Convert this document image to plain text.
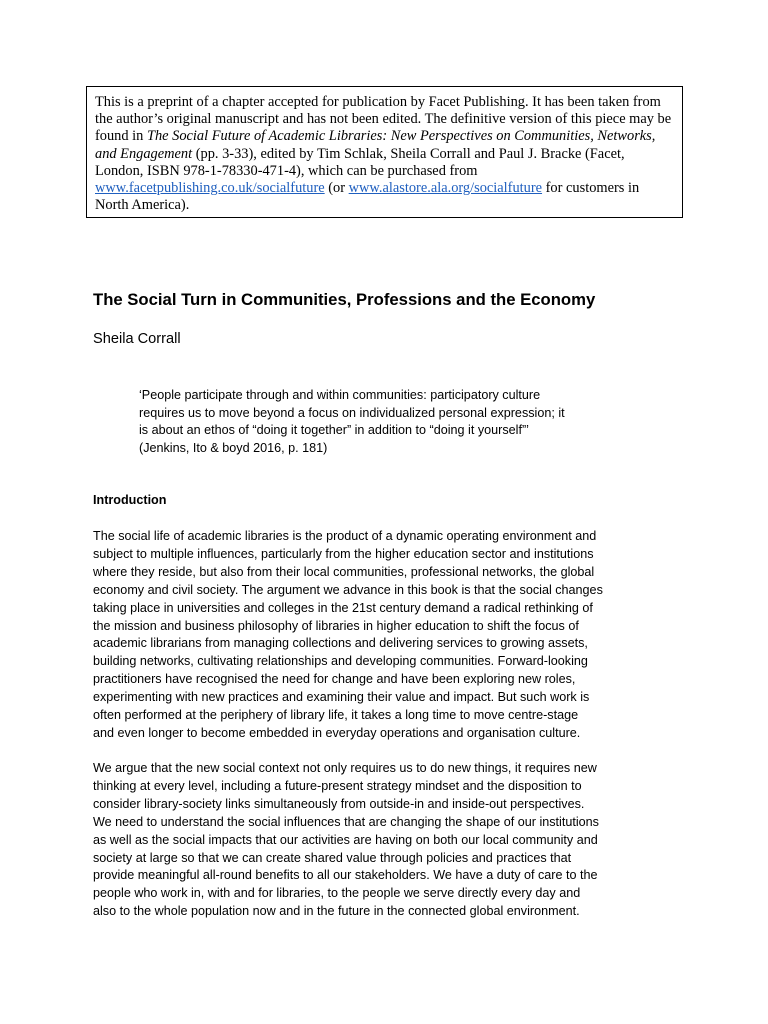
This is a preprint of a chapter accepted for publication by Facet Publishing. It has been taken from the author’s original manuscript and has not been edited. The definitive version of this piece may be found in The Social Future of Academic Libraries: New Perspectives on Communities, Networks, and Engagement (pp. 3-33), edited by Tim Schlak, Sheila Corrall and Paul J. Bracke (Facet, London, ISBN 978-1-78330-471-4), which can be purchased from www.facetpublishing.co.uk/socialfuture (or www.alastore.ala.org/socialfuture for customers in North America).
The Social Turn in Communities, Professions and the Economy

Sheila Corrall

‘People participate through and within communities: participatory culture
requires us to move beyond a focus on individualized personal expression; it
is about an ethos of “doing it together” in addition to “doing it yourself”’
(Jenkins, Ito & boyd 2016, p. 181)
Introduction
The social life of academic libraries is the product of a dynamic operating environment and
subject to multiple influences, particularly from the higher education sector and institutions
where they reside, but also from their local communities, professional networks, the global
economy and civil society. The argument we advance in this book is that the social changes
taking place in universities and colleges in the 21st century demand a radical rethinking of
the mission and business philosophy of libraries in higher education to shift the focus of
academic librarians from managing collections and delivering services to growing assets,
building networks, cultivating relationships and developing communities. Forward-looking
practitioners have recognised the need for change and have been exploring new roles,
experimenting with new practices and examining their value and impact. But such work is
often performed at the periphery of library life, it takes a long time to move centre-stage
and even longer to become embedded in everyday operations and organisation culture.
We argue that the new social context not only requires us to do new things, it requires new
thinking at every level, including a future-present strategy mindset and the disposition to
consider library-society links simultaneously from outside-in and inside-out perspectives.
We need to understand the social influences that are changing the shape of our institutions
as well as the social impacts that our activities are having on both our local community and
society at large so that we can create shared value through policies and practices that
provide meaningful all-round benefits to all our stakeholders. We have a duty of care to the
people who work in, with and for libraries, to the people we serve directly every day and
also to the whole population now and in the future in the connected global environment.
